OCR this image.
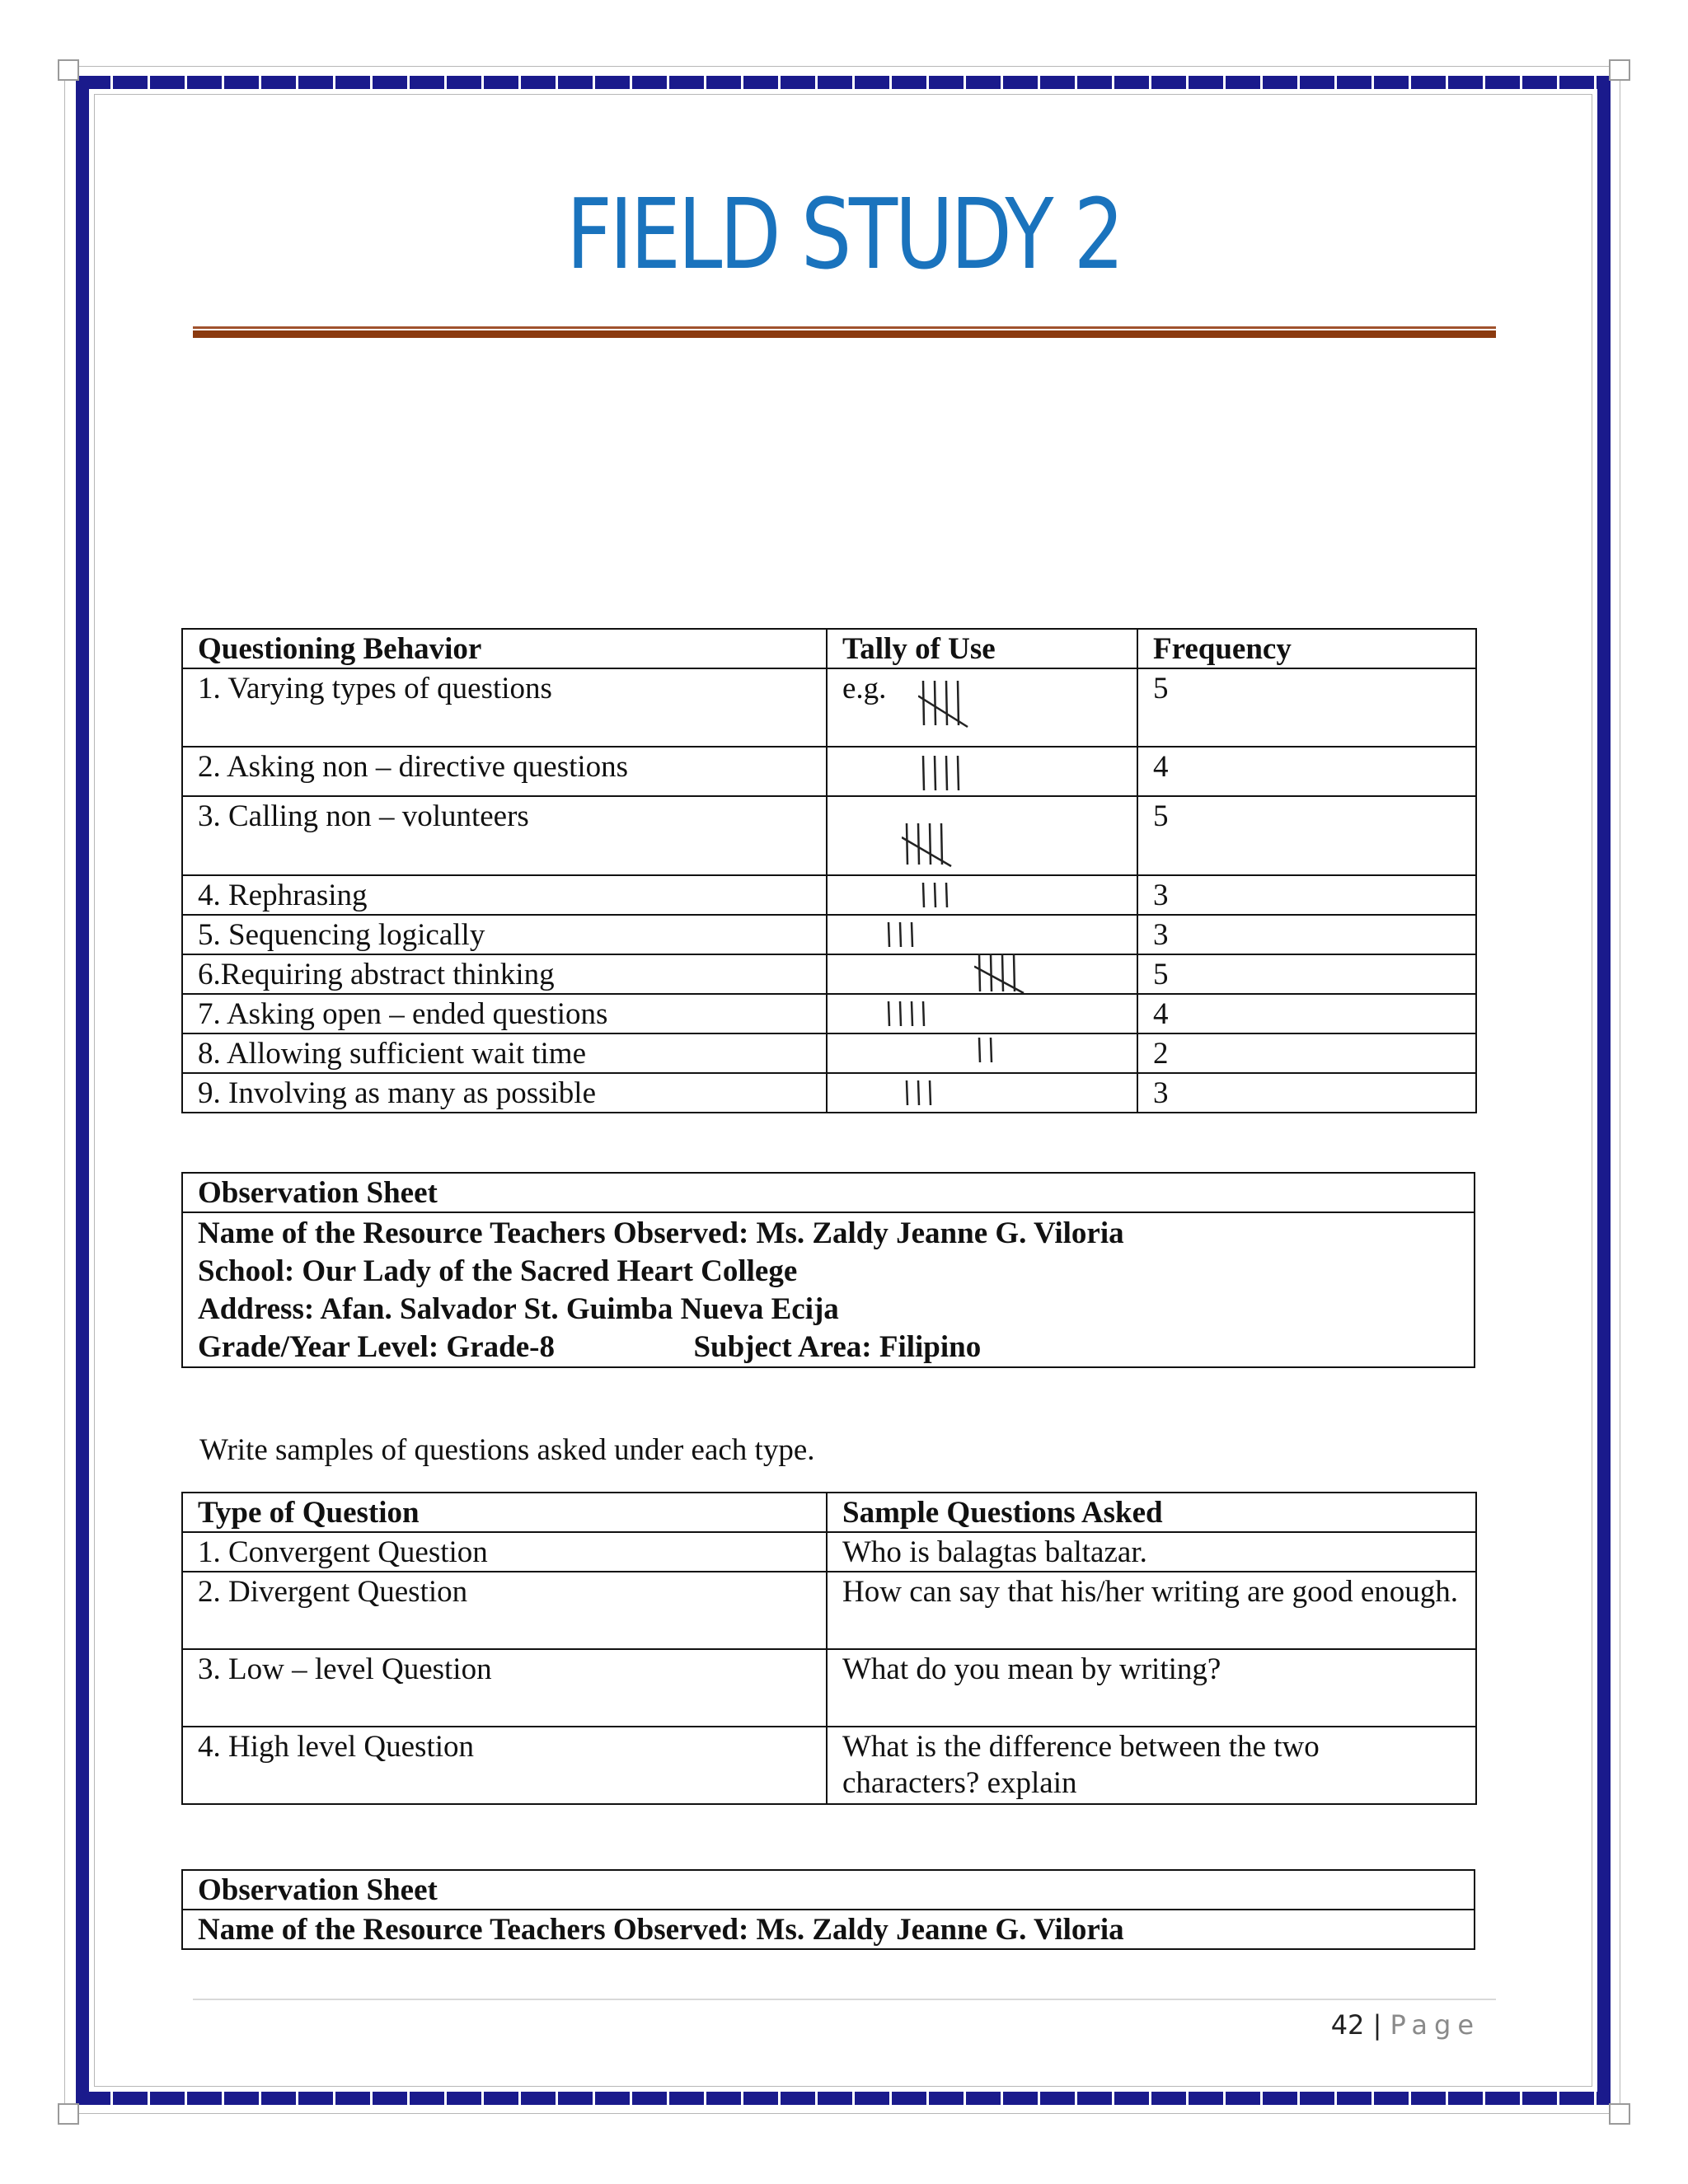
FIELD STUDY 2
Questioning Behavior	Tally of Use	Frequency
1. Varying types of questions	e.g.	5
2. Asking non – directive questions		4
3. Calling non – volunteers		5
4. Rephrasing		3
5. Sequencing logically		3
6.Requiring abstract thinking		5
7. Asking open – ended questions		4
8. Allowing sufficient wait time		2
9. Involving as many as possible		3
Observation Sheet

Name of the Resource Teachers Observed: Ms. Zaldy Jeanne G. Viloria
School: Our Lady of the Sacred Heart College
Address: Afan. Salvador St. Guimba Nueva Ecija
Grade/Year Level: Grade-8	Subject Area: Filipino
Write samples of questions asked under each type.
Type of Question	Sample Questions Asked
1. Convergent Question	Who is balagtas baltazar.
2. Divergent Question	How can say that his/her writing are good enough.
3. Low – level Question	What do you mean by writing?
4. High level Question	What is the difference between the two characters? explain
Observation Sheet
Name of the Resource Teachers Observed: Ms. Zaldy Jeanne G. Viloria
42 | Page
